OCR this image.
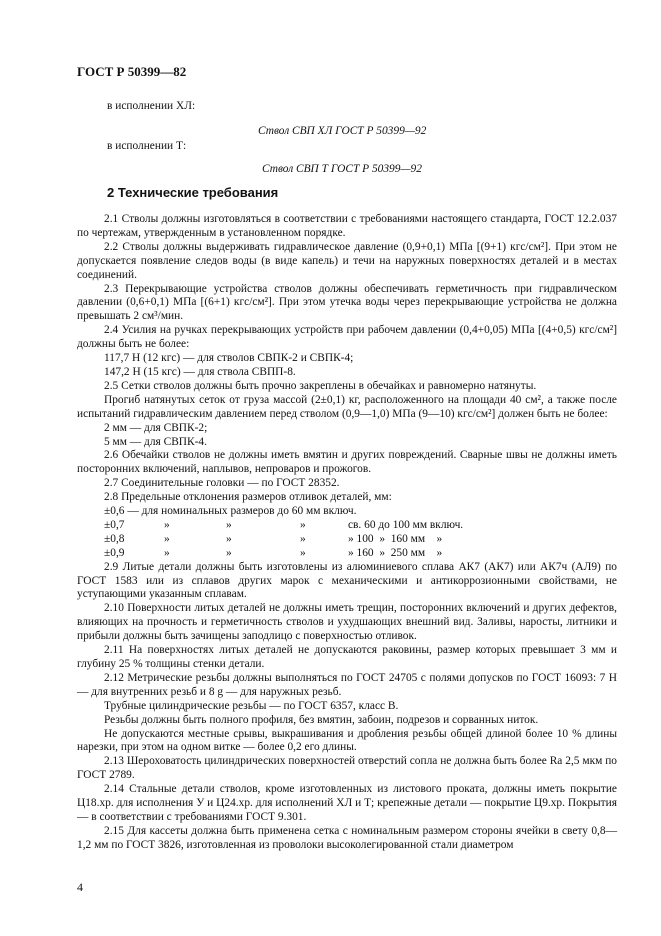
ГОСТ Р 50399—82
в исполнении ХЛ:
Ствол СВП ХЛ ГОСТ Р 50399—92
в исполнении Т:
Ствол СВП Т ГОСТ Р 50399—92
2 Технические требования

2.1 Стволы должны изготовляться в соответствии с требованиями настоящего стандарта, ГОСТ 12.2.037 по чертежам, утвержденным в установленном порядке.

2.2 Стволы должны выдерживать гидравлическое давление (0,9+0,1) МПа [(9+1) кгс/см²]. При этом не допускается появление следов воды (в виде капель) и течи на наружных поверхностях деталей и в местах соединений.

2.3 Перекрывающие устройства стволов должны обеспечивать герметичность при гидравлическом давлении (0,6+0,1) МПа [(6+1) кгс/см²]. При этом утечка воды через перекрывающие устройства не должна превышать 2 см³/мин.

2.4 Усилия на ручках перекрывающих устройств при рабочем давлении (0,4+0,05) МПа [(4+0,5) кгс/см²] должны быть не более:

117,7 Н (12 кгс) — для стволов СВПК-2 и СВПК-4;

147,2 Н (15 кгс) — для ствола СВПП-8.

2.5 Сетки стволов должны быть прочно закреплены в обечайках и равномерно натянуты.

Прогиб натянутых сеток от груза массой (2±0,1) кг, расположенного на площади 40 см², а также после испытаний гидравлическим давлением перед стволом (0,9—1,0) МПа (9—10) кгс/см²] должен быть не более:

2 мм — для СВПК-2;

5 мм — для СВПК-4.

2.6 Обечайки стволов не должны иметь вмятин и других повреждений. Сварные швы не должны иметь посторонних включений, наплывов, непроваров и прожогов.

2.7 Соединительные головки — по ГОСТ 28352.

2.8 Предельные отклонения размеров отливок деталей, мм:

±0,6 — для номинальных размеров до 60 мм включ.

±0,7	»	»	»	св. 60 до 100 мм включ.
±0,8	»	»	»	» 100  »  160 мм    »
±0,9	»	»	»	» 160  »  250 мм    »

2.9 Литые детали должны быть изготовлены из алюминиевого сплава АК7 (АК7) или АК7ч (АЛ9) по ГОСТ 1583 или из сплавов других марок с механическими и антикоррозионными свойствами, не уступающими указанным сплавам.

2.10 Поверхности литых деталей не должны иметь трещин, посторонних включений и других дефектов, влияющих на прочность и герметичность стволов и ухудшающих внешний вид. Заливы, наросты, литники и прибыли должны быть зачищены заподлицо с поверхностью отливок.

2.11 На поверхностях литых деталей не допускаются раковины, размер которых превышает 3 мм и глубину 25 % толщины стенки детали.

2.12 Метрические резьбы должны выполняться по ГОСТ 24705 с полями допусков по ГОСТ 16093: 7 Н — для внутренних резьб и 8 g — для наружных резьб.

Трубные цилиндрические резьбы — по ГОСТ 6357, класс В.

Резьбы должны быть полного профиля, без вмятин, забоин, подрезов и сорванных ниток.

Не допускаются местные срывы, выкрашивания и дробления резьбы общей длиной более 10 % длины нарезки, при этом на одном витке — более 0,2 его длины.

2.13 Шероховатость цилиндрических поверхностей отверстий сопла не должна быть более Ra 2,5 мкм по ГОСТ 2789.

2.14 Стальные детали стволов, кроме изготовленных из листового проката, должны иметь покрытие Ц18.хр. для исполнения У и Ц24.хр. для исполнений ХЛ и Т; крепежные детали — покрытие Ц9.хр. Покрытия — в соответствии с требованиями ГОСТ 9.301.

2.15 Для кассеты должна быть применена сетка с номинальным размером стороны ячейки в свету 0,8—1,2 мм по ГОСТ 3826, изготовленная из проволоки высоколегированной стали диаметром

4
